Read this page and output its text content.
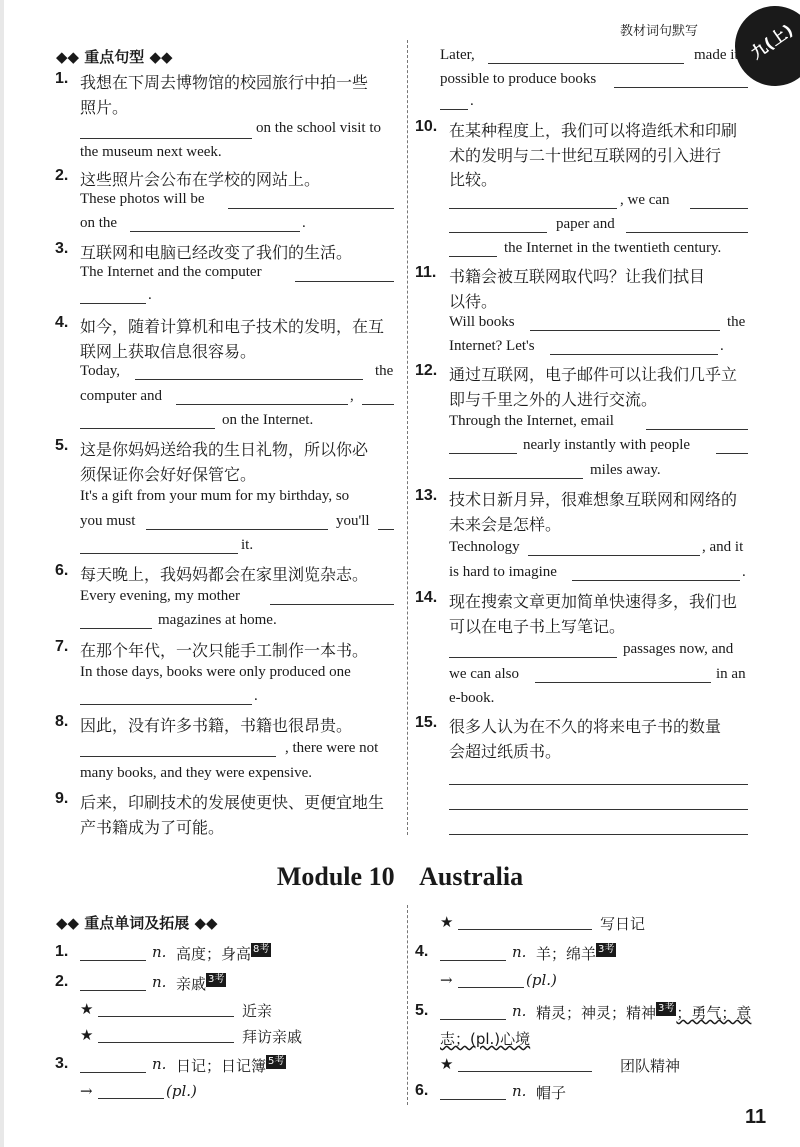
教材词句默写	九(上)
◆◆ 重点句型 ◆◆
1. 我想在下周去博物馆的校园旅行中拍一些
照片。
on the school visit to
the museum next week.
2. 这些照片会公布在学校的网站上。
These photos will be
on the	.
3. 互联网和电脑已经改变了我们的生活。
The Internet and the computer
.
4. 如今，随着计算机和电子技术的发明，在互
联网上获取信息很容易。
Today,	the
computer and	,
on the Internet.
5. 这是你妈妈送给我的生日礼物，所以你必
须保证你会好好保管它。
It's a gift from your mum for my birthday, so
you must	you'll
it.
6. 每天晚上，我妈妈都会在家里浏览杂志。
Every evening, my mother
magazines at home.
7. 在那个年代，一次只能手工制作一本书。
In those days, books were only produced one
.
8. 因此，没有许多书籍，书籍也很昂贵。
, there were not
many books, and they were expensive.
9. 后来，印刷技术的发展使更快、更便宜地生
产书籍成为了可能。
Later,	made it
possible to produce books
.
10. 在某种程度上，我们可以将造纸术和印刷
术的发明与二十世纪互联网的引入进行
比较。
, we can
paper and
the Internet in the twentieth century.
11. 书籍会被互联网取代吗？让我们拭目
以待。
Will books	the
Internet? Let's	.
12. 通过互联网，电子邮件可以让我们几乎立
即与千里之外的人进行交流。
Through the Internet, email
nearly instantly with people
miles away.
13. 技术日新月异，很难想象互联网和网络的
未来会是怎样。
Technology	, and it
is hard to imagine	.
14. 现在搜索文章更加简单快速得多，我们也
可以在电子书上写笔记。
passages now, and
we can also	in an
e-book.
15. 很多人认为在不久的将来电子书的数量
会超过纸质书。
Module 10    Australia
◆◆ 重点单词及拓展 ◆◆
1.	n. 高度；身高 8考
2.	n. 亲戚 3考
★	近亲
★	拜访亲戚
3.	n. 日记；日记簿 5考
→	(pl.)
★	写日记
4.	n. 羊；绵羊 3考
→	(pl.)
5.	n. 精灵；神灵；精神 3考 ；勇气；意
志；(pl.)心境
★	团队精神
6.	n. 帽子
11
